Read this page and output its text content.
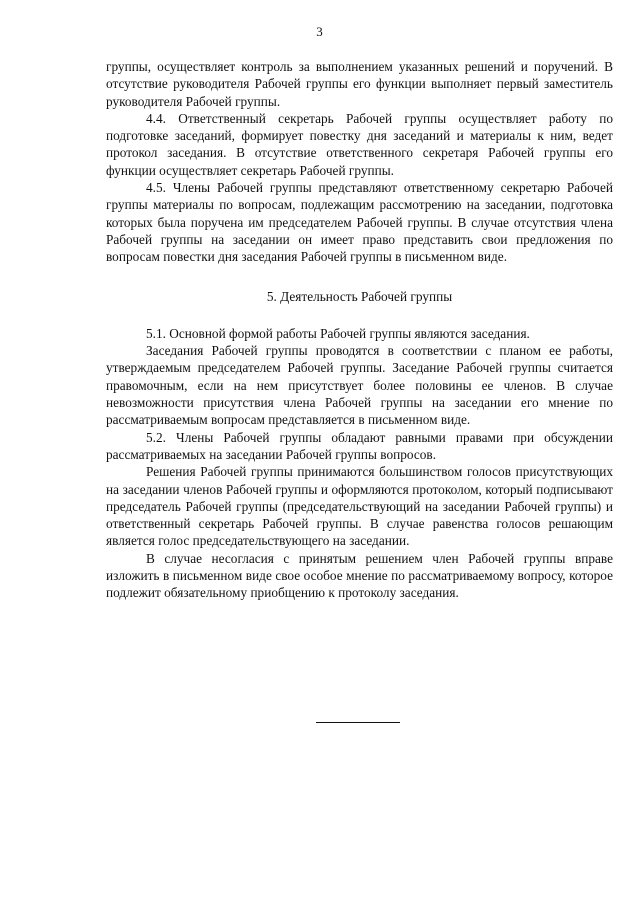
3

группы, осуществляет контроль за выполнением указанных решений и поручений. В отсутствие руководителя Рабочей группы его функции выполняет первый заместитель руководителя Рабочей группы.

4.4. Ответственный секретарь Рабочей группы осуществляет работу по подготовке заседаний, формирует повестку дня заседаний и материалы к ним, ведет протокол заседания. В отсутствие ответственного секретаря Рабочей группы его функции осуществляет секретарь Рабочей группы.

4.5. Члены Рабочей группы представляют ответственному секретарю Рабочей группы материалы по вопросам, подлежащим рассмотрению на заседании, подготовка которых была поручена им председателем Рабочей группы. В случае отсутствия члена Рабочей группы на заседании он имеет право представить свои предложения по вопросам повестки дня заседания Рабочей группы в письменном виде.

5. Деятельность Рабочей группы

5.1. Основной формой работы Рабочей группы являются заседания.

Заседания Рабочей группы проводятся в соответствии с планом ее работы, утверждаемым председателем Рабочей группы. Заседание Рабочей группы считается правомочным, если на нем присутствует более половины ее членов. В случае невозможности присутствия члена Рабочей группы на заседании его мнение по рассматриваемым вопросам представляется в письменном виде.

5.2. Члены Рабочей группы обладают равными правами при обсуждении рассматриваемых на заседании Рабочей группы вопросов.

Решения Рабочей группы принимаются большинством голосов присутствующих на заседании членов Рабочей группы и оформляются протоколом, который подписывают председатель Рабочей группы (председательствующий на заседании Рабочей группы) и ответственный секретарь Рабочей группы. В случае равенства голосов решающим является голос председательствующего на заседании.

В случае несогласия с принятым решением член Рабочей группы вправе изложить в письменном виде свое особое мнение по рассматриваемому вопросу, которое подлежит обязательному приобщению к протоколу заседания.
